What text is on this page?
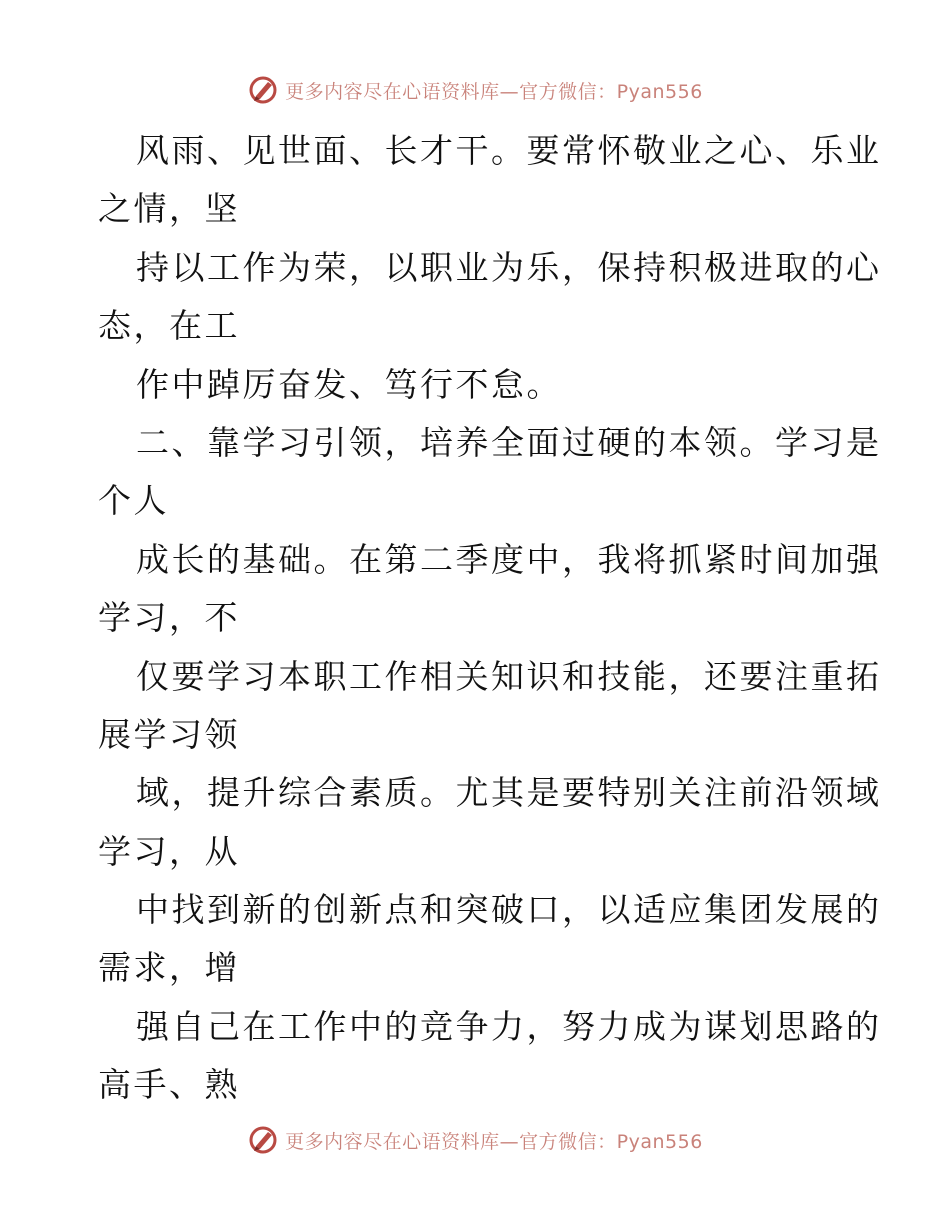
更多内容尽在心语资料库—官方微信：Pyan556
风雨、见世面、长才干。要常怀敬业之心、乐业
之情，坚
持以工作为荣，以职业为乐，保持积极进取的心
态，在工
作中踔厉奋发、笃行不怠。
二、靠学习引领，培养全面过硬的本领。学习是
个人
成长的基础。在第二季度中，我将抓紧时间加强
学习，不
仅要学习本职工作相关知识和技能，还要注重拓
展学习领
域，提升综合素质。尤其是要特别关注前沿领域
学习，从
中找到新的创新点和突破口，以适应集团发展的
需求，增
强自己在工作中的竞争力，努力成为谋划思路的
高手、熟
更多内容尽在心语资料库—官方微信：Pyan556
